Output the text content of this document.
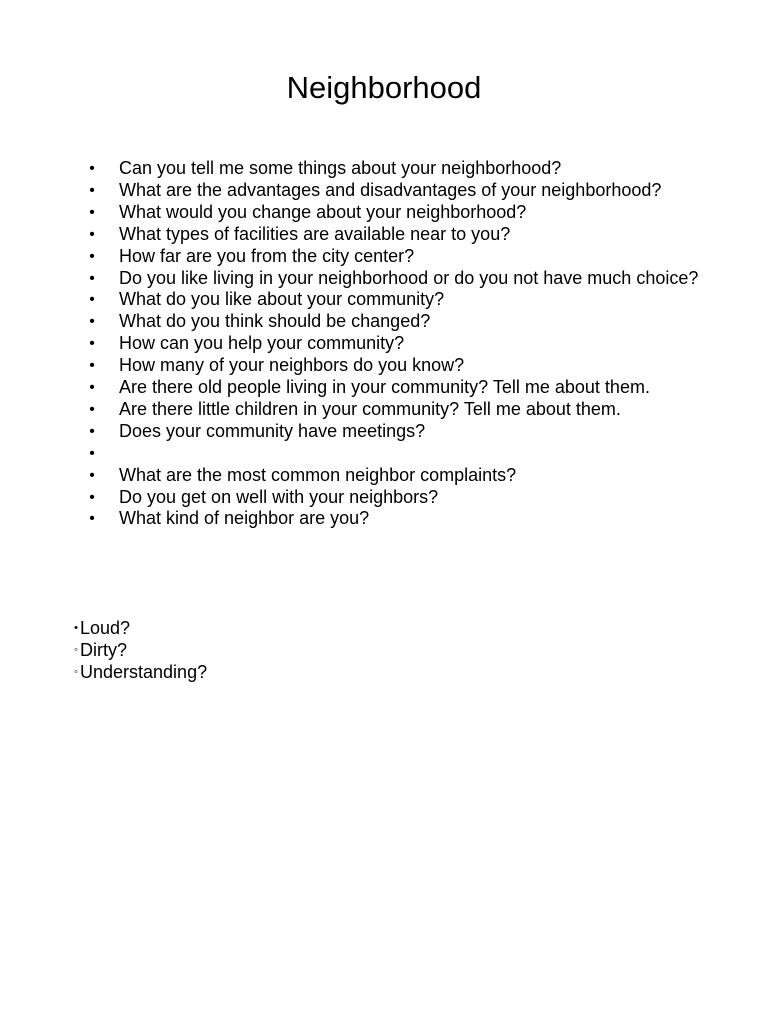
Neighborhood
• Can you tell me some things about your neighborhood?
• What are the advantages and disadvantages of your neighborhood?
• What would you change about your neighborhood?
• What types of facilities are available near to you?
• How far are you from the city center?
• Do you like living in your neighborhood or do you not have much choice?
• What do you like about your community?
• What do you think should be changed?
• How can you help your community?
• How many of your neighbors do you know?
• Are there old people living in your community? Tell me about them.
• Are there little children in your community? Tell me about them.
• Does your community have meetings?
•
• What are the most common neighbor complaints?
• Do you get on well with your neighbors?
• What kind of neighbor are you?
• Loud?
◦ Dirty?
◦ Understanding?
